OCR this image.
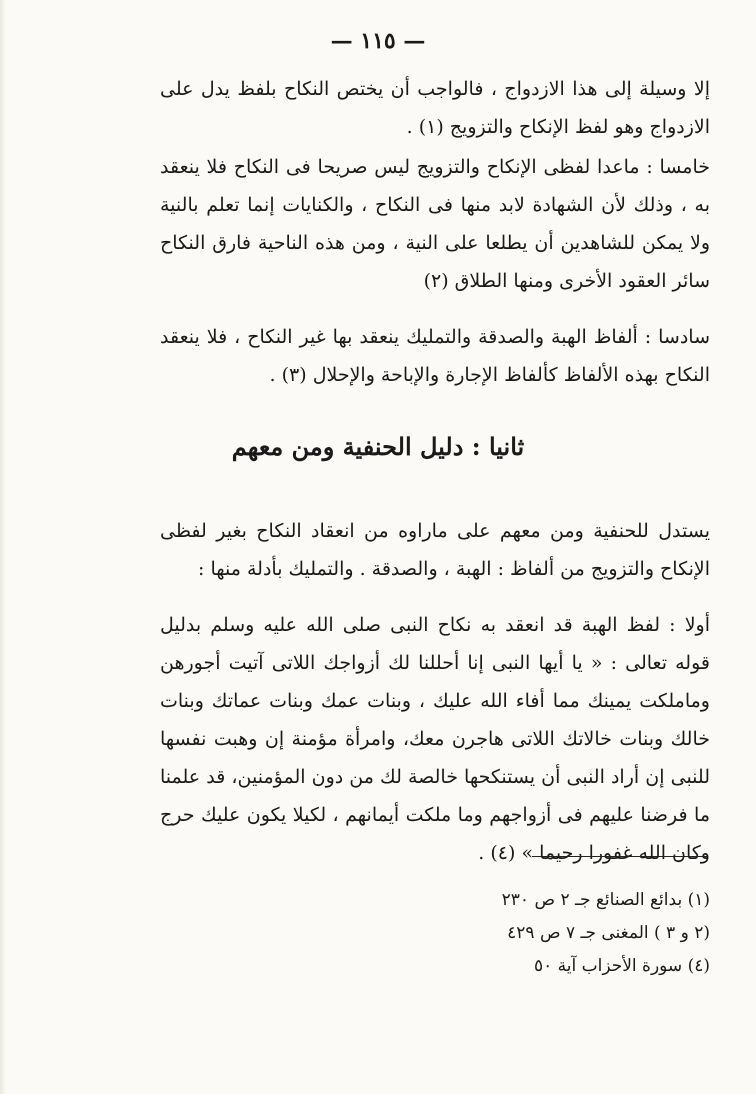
— ١١٥ —
إلا وسيلة إلى هذا الازدواج ، فالواجب أن يختص النكاح بلفظ يدل على الازدواج وهو لفظ الإنكاح والتزويج (١) .
خامسا : ماعدا لفظى الإنكاح والتزويج ليس صريحا فى النكاح فلا ينعقد به ، وذلك لأن الشهادة لابد منها فى النكاح ، والكنايات إنما تعلم بالنية ولا يمكن للشاهدين أن يطلعا على النية ، ومن هذه الناحية فارق النكاح سائر العقود الأخرى ومنها الطلاق (٢)
سادسا : ألفاظ الهبة والصدقة والتمليك ينعقد بها غير النكاح ، فلا ينعقد النكاح بهذه الألفاظ كألفاظ الإجارة والإباحة والإحلال (٣) .
ثانيا : دليل الحنفية ومن معهم
يستدل للحنفية ومن معهم على ماراوه من انعقاد النكاح بغير لفظى الإنكاح والتزويج من ألفاظ : الهبة ، والصدقة . والتمليك بأدلة منها :
أولا : لفظ الهبة قد انعقد به نكاح النبى صلى الله عليه وسلم بدليل قوله تعالى : « يا أيها النبى إنا أحللنا لك أزواجك اللاتى آتيت أجورهن وماملكت يمينك مما أفاء الله عليك ، وبنات عمك وبنات عماتك وبنات خالك وبنات خالاتك اللاتى هاجرن معك، وامرأة مؤمنة إن وهبت نفسها للنبى إن أراد النبى أن يستنكحها خالصة لك من دون المؤمنين، قد علمنا ما فرضنا عليهم فى أزواجهم وما ملكت أيمانهم ، لكيلا يكون عليك حرج وكان الله غفورا رحيما » (٤) .
(١) بدائع الصنائع جـ ٢ ص ٢٣٠
(٢ و ٣ ) المغنى جـ ٧ ص ٤٢٩
(٤) سورة الأحزاب آية ٥٠
